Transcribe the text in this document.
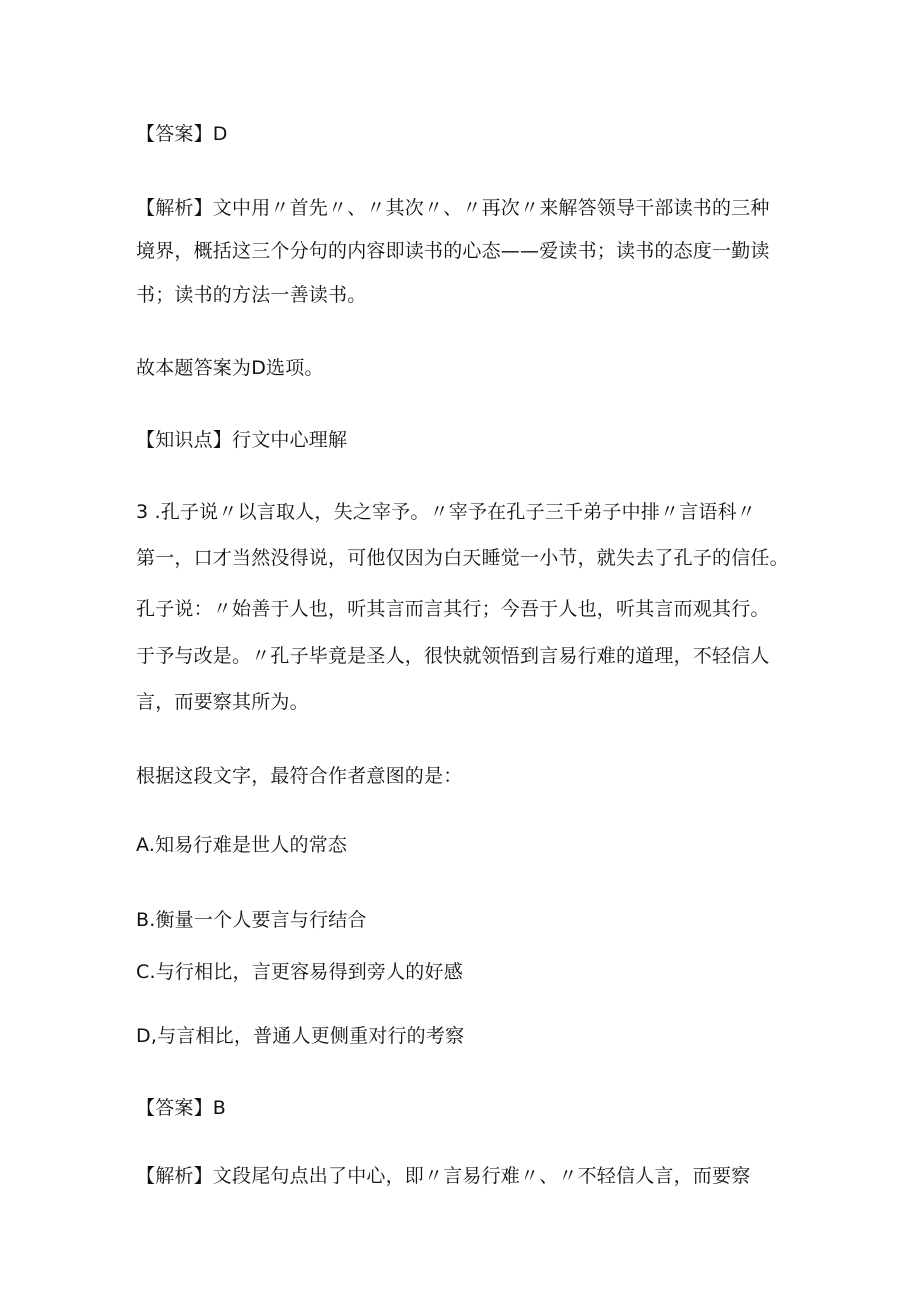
【答案】D
【解析】文中用〃首先〃、〃其次〃、〃再次〃来解答领导干部读书的三种
境界，概括这三个分句的内容即读书的心态——爱读书；读书的态度一勤读
书；读书的方法一善读书。
故本题答案为D选项。
【知识点】行文中心理解
3 .孔子说〃以言取人，失之宰予。〃宰予在孔子三千弟子中排〃言语科〃
第一，口才当然没得说，可他仅因为白天睡觉一小节，就失去了孔子的信任。
孔子说：〃始善于人也，听其言而言其行；今吾于人也，听其言而观其行。
于予与改是。〃孔子毕竟是圣人，很快就领悟到言易行难的道理，不轻信人
言，而要察其所为。
根据这段文字，最符合作者意图的是：
A.知易行难是世人的常态
B.衡量一个人要言与行结合
C.与行相比，言更容易得到旁人的好感
D,与言相比，普通人更侧重对行的考察
【答案】B
【解析】文段尾句点出了中心，即〃言易行难〃、〃不轻信人言，而要察
